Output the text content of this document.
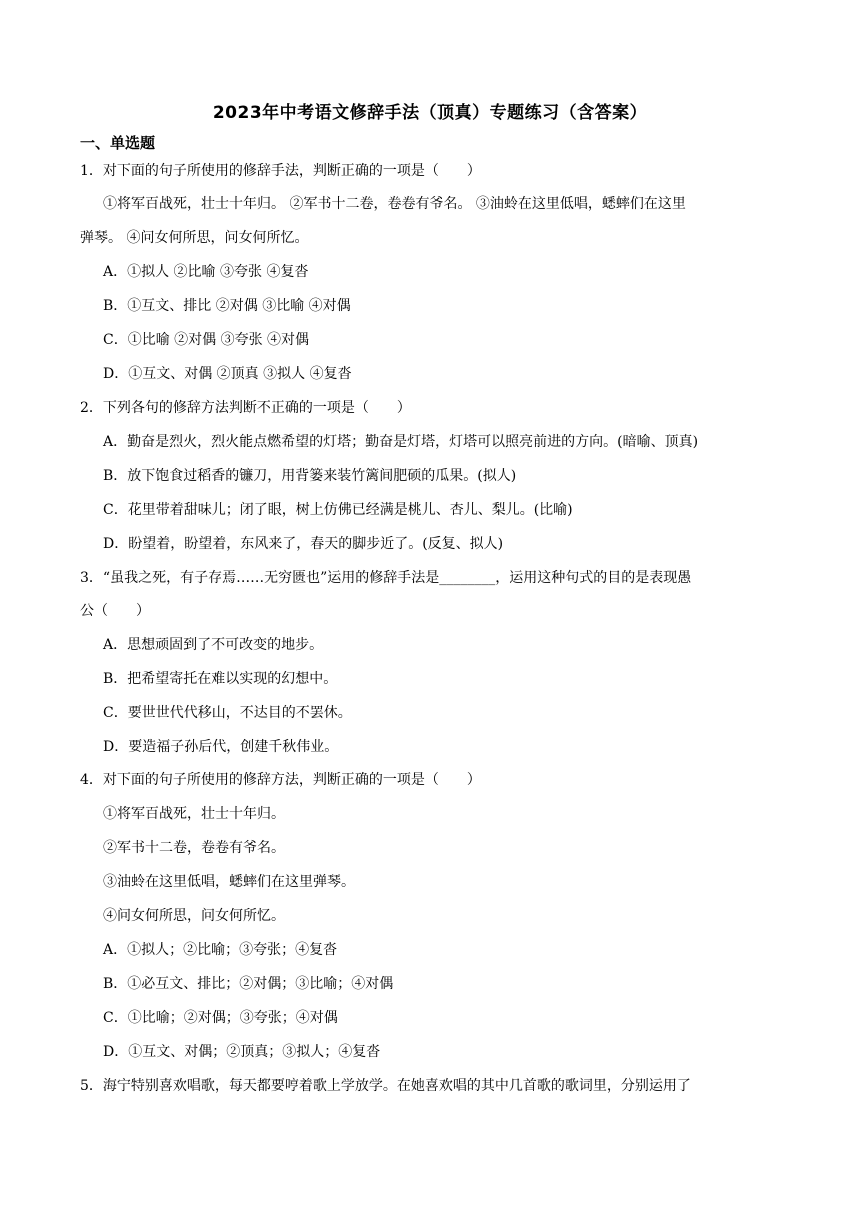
2023年中考语文修辞手法（顶真）专题练习（含答案）
一、单选题
1．对下面的句子所使用的修辞手法，判断正确的一项是（　　）
①将军百战死，壮士十年归。 ②军书十二卷，卷卷有爷名。 ③油蛉在这里低唱，蟋蟀们在这里
弹琴。 ④问女何所思，问女何所忆。
A．①拟人 ②比喻 ③夸张 ④复沓
B．①互文、排比 ②对偶 ③比喻 ④对偶
C．①比喻 ②对偶 ③夸张 ④对偶
D．①互文、对偶 ②顶真 ③拟人 ④复沓
2．下列各句的修辞方法判断不正确的一项是（　　）
A．勤奋是烈火，烈火能点燃希望的灯塔；勤奋是灯塔，灯塔可以照亮前进的方向。(暗喻、顶真)
B．放下饱食过稻香的镰刀，用背篓来装竹篱间肥硕的瓜果。(拟人)
C．花里带着甜味儿；闭了眼，树上仿佛已经满是桃儿、杏儿、梨儿。(比喻)
D．盼望着，盼望着，东风来了，春天的脚步近了。(反复、拟人)
3．“虽我之死，有子存焉……无穷匮也”运用的修辞手法是________，运用这种句式的目的是表现愚
公（　　）
A．思想顽固到了不可改变的地步。
B．把希望寄托在难以实现的幻想中。
C．要世世代代移山，不达目的不罢休。
D．要造福子孙后代，创建千秋伟业。
4．对下面的句子所使用的修辞方法，判断正确的一项是（　　）
①将军百战死，壮士十年归。
②军书十二卷，卷卷有爷名。
③油蛉在这里低唱，蟋蟀们在这里弹琴。
④问女何所思，问女何所忆。
A．①拟人；②比喻；③夸张；④复沓
B．①必互文、排比；②对偶；③比喻；④对偶
C．①比喻；②对偶；③夸张；④对偶
D．①互文、对偶；②顶真；③拟人；④复沓
5．海宁特别喜欢唱歌，每天都要哼着歌上学放学。在她喜欢唱的其中几首歌的歌词里，分别运用了
